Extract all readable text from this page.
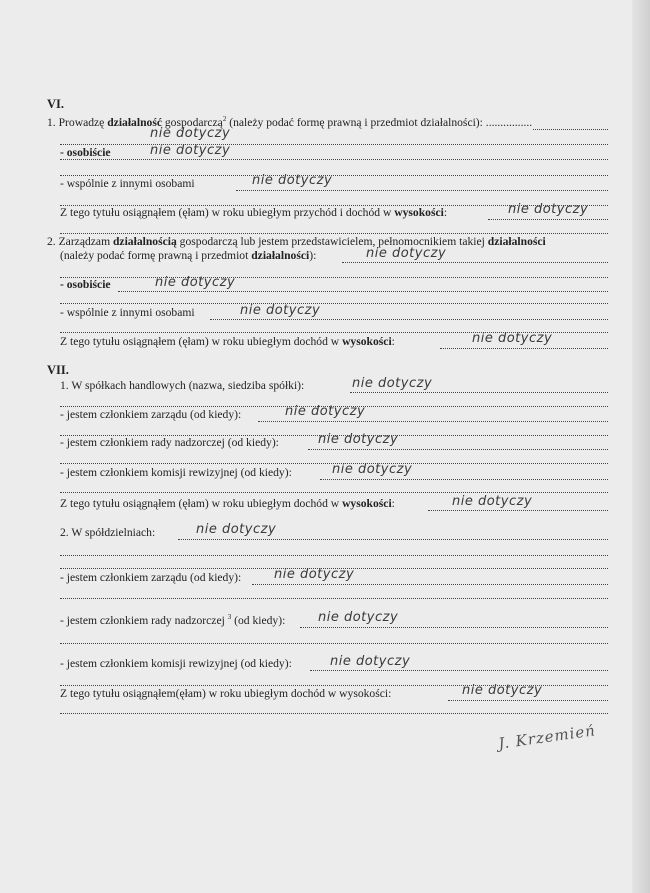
VI.
1. Prowadzę działalność gospodarczą$^2$ (należy podać formę prawną i przedmiot działalności): ................
nie dotyczy
- osobiście	nie dotyczy
- wspólnie z innymi osobami	nie dotyczy
Z tego tytułu osiągnąłem (ęłam) w roku ubiegłym przychód i dochód w wysokości:	nie dotyczy
2. Zarządzam działalnością gospodarczą lub jestem przedstawicielem, pełnomocnikiem takiej działalności
(należy podać formę prawną i przedmiot działalności):	nie dotyczy
- osobiście	nie dotyczy
- wspólnie z innymi osobami	nie dotyczy
Z tego tytułu osiągnąłem (ęłam) w roku ubiegłym dochód w wysokości:	nie dotyczy
VII.
1. W spółkach handlowych (nazwa, siedziba spółki):	nie dotyczy
- jestem członkiem zarządu (od kiedy):	nie dotyczy
- jestem członkiem rady nadzorczej (od kiedy):	nie dotyczy
- jestem członkiem komisji rewizyjnej (od kiedy):	nie dotyczy
Z tego tytułu osiągnąłem (ęłam) w roku ubiegłym dochód w wysokości:	nie dotyczy
2. W spółdzielniach:	nie dotyczy
- jestem członkiem zarządu (od kiedy):	nie dotyczy
- jestem członkiem rady nadzorczej $^3$ (od kiedy):	nie dotyczy
- jestem członkiem komisji rewizyjnej (od kiedy):	nie dotyczy
Z tego tytułu osiągnąłem(ęłam) w roku ubiegłym dochód w wysokości:	nie dotyczy
J. Krzemień
